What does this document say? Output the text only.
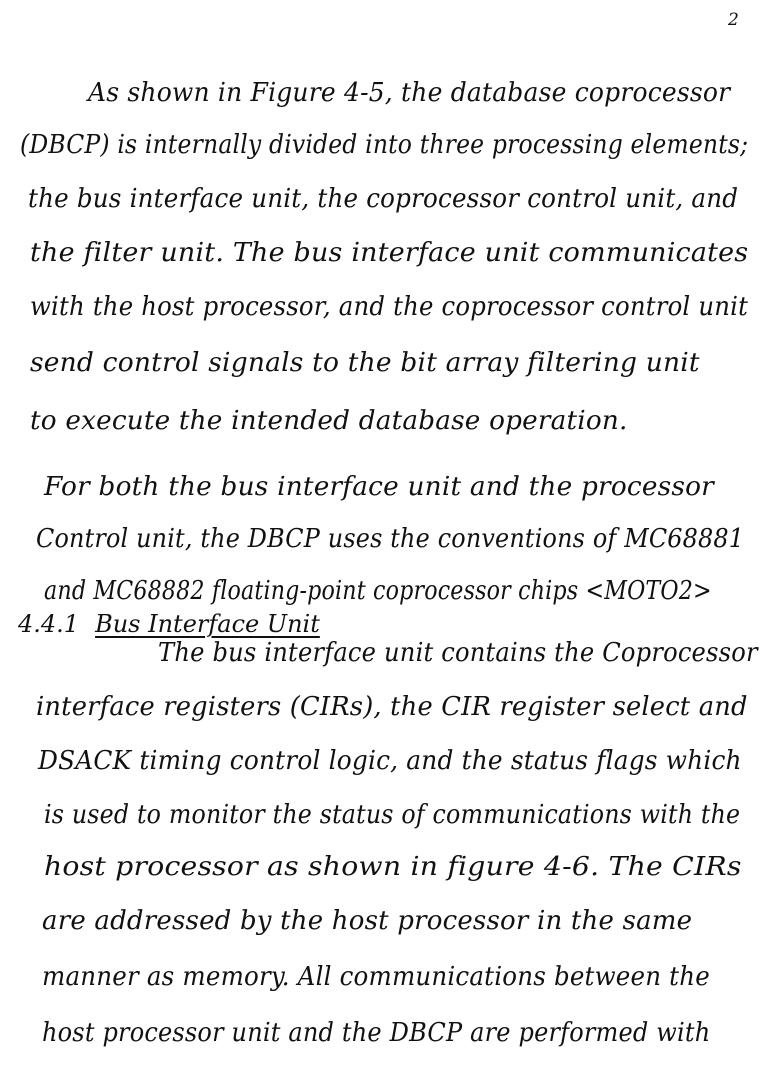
2
As shown in Figure 4-5, the database coprocessor
(DBCP) is internally divided into three processing elements;
the bus interface unit, the coprocessor control unit, and
the filter unit. The bus interface unit communicates
with the host processor, and the coprocessor control unit
send control signals to the bit array filtering unit
to execute the intended database operation.
For both the bus interface unit and the processor
Control unit, the DBCP uses the conventions of MC68881
and MC68882 floating-point coprocessor chips <MOTO2>
4.4.1 Bus Interface Unit
The bus interface unit contains the Coprocessor
interface registers (CIRs), the CIR register select and
DSACK timing control logic, and the status flags which
is used to monitor the status of communications with the
host processor as shown in figure 4-6. The CIRs
are addressed by the host processor in the same
manner as memory. All communications between the
host processor unit and the DBCP are performed with
